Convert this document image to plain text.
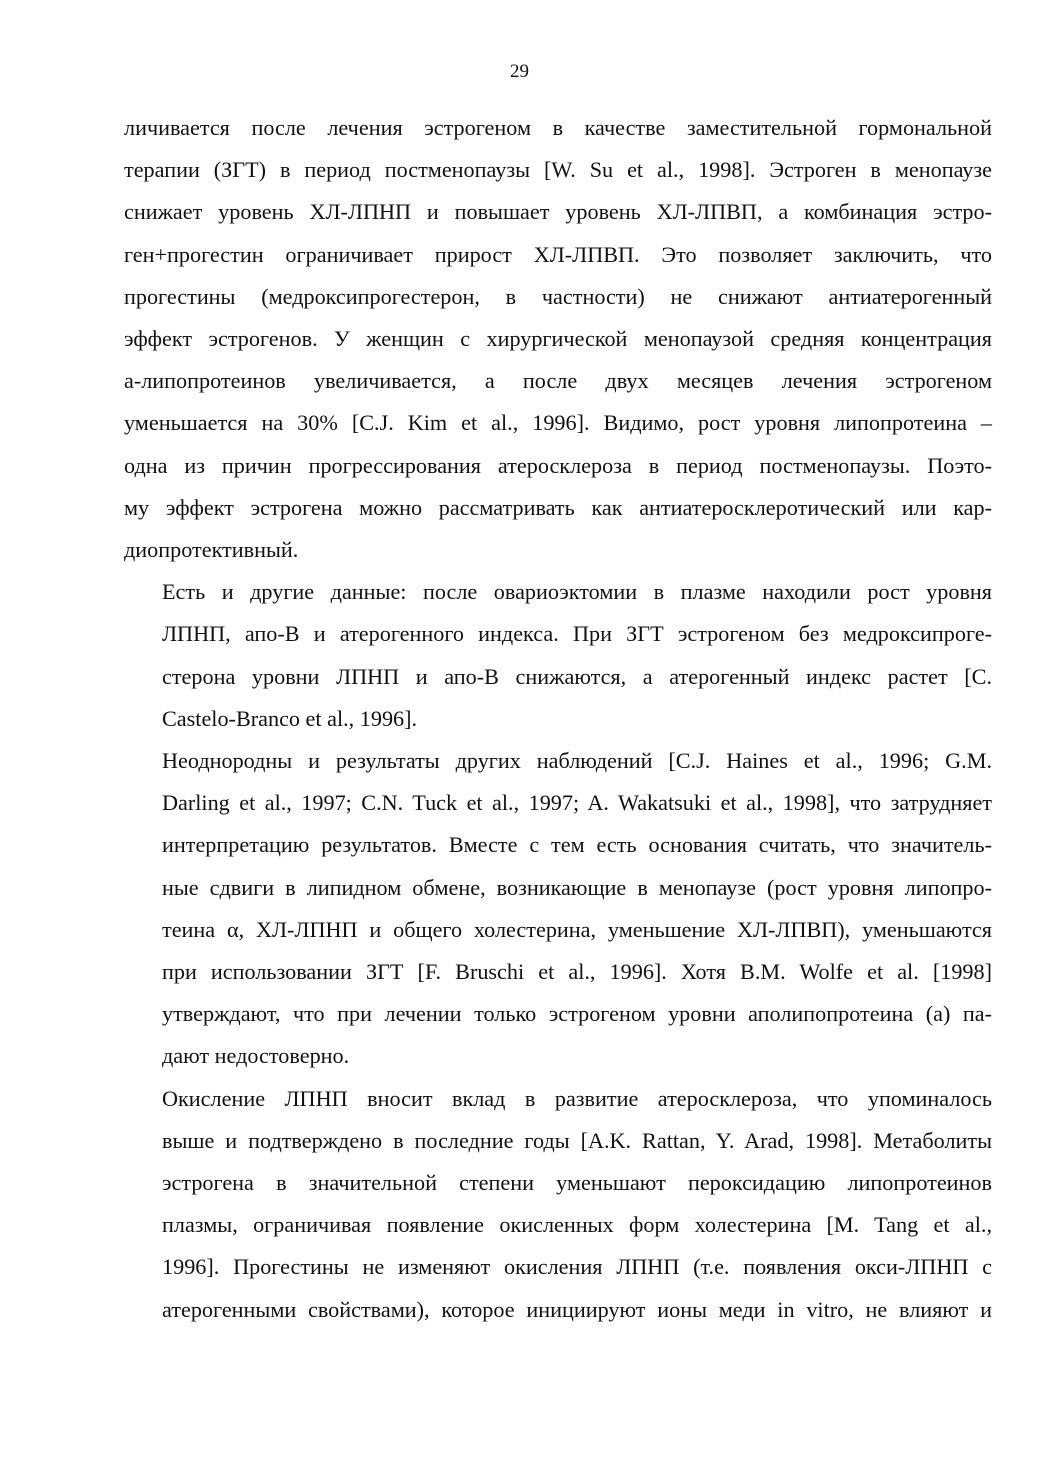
29

личивается после лечения эстрогеном в качестве заместительной гормональной
терапии (ЗГТ) в период постменопаузы [W. Su et al., 1998]. Эстроген в менопаузе
снижает уровень ХЛ-ЛПНП и повышает уровень ХЛ-ЛПВП, а комбинация эстро-
ген+прогестин ограничивает прирост ХЛ-ЛПВП. Это позволяет заключить, что
прогестины (медроксипрогестерон, в частности) не снижают антиатерогенный
эффект эстрогенов. У женщин с хирургической менопаузой средняя концентрация
а-липопротеинов увеличивается, а после двух месяцев лечения эстрогеном
уменьшается на 30% [C.J. Kim et al., 1996]. Видимо, рост уровня липопротеина –
одна из причин прогрессирования атеросклероза в период постменопаузы. Поэто-
му эффект эстрогена можно рассматривать как антиатеросклеротический или кар-
диопротективный.

Есть и другие данные: после овариоэктомии в плазме находили рост уровня
ЛПНП, апо-В и атерогенного индекса. При ЗГТ эстрогеном без медроксипроге-
стерона уровни ЛПНП и апо-В снижаются, а атерогенный индекс растет [C.
Castelo-Branco et al., 1996].

Неоднородны и результаты других наблюдений [C.J. Haines et al., 1996; G.M.
Darling et al., 1997; C.N. Tuck et al., 1997; A. Wakatsuki et al., 1998], что затрудняет
интерпретацию результатов. Вместе с тем есть основания считать, что значитель-
ные сдвиги в липидном обмене, возникающие в менопаузе (рост уровня липопро-
теина α, ХЛ-ЛПНП и общего холестерина, уменьшение ХЛ-ЛПВП), уменьшаются
при использовании ЗГТ [F. Bruschi et al., 1996]. Хотя B.M. Wolfe et al. [1998]
утверждают, что при лечении только эстрогеном уровни аполипопротеина (а) па-
дают недостоверно.

Окисление ЛПНП вносит вклад в развитие атеросклероза, что упоминалось
выше и подтверждено в последние годы [A.K. Rattan, Y. Arad, 1998]. Метаболиты
эстрогена в значительной степени уменьшают пероксидацию липопротеинов
плазмы, ограничивая появление окисленных форм холестерина [M. Tang et al.,
1996]. Прогестины не изменяют окисления ЛПНП (т.е. появления окси-ЛПНП с
атерогенными свойствами), которое инициируют ионы меди in vitro, не влияют и
